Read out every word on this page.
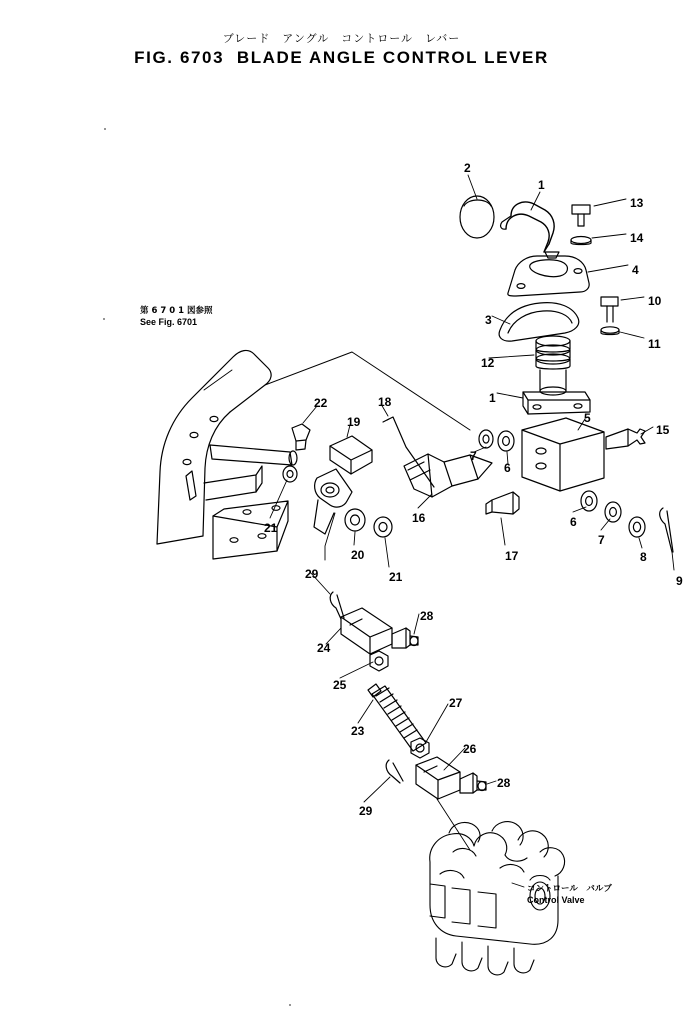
ブレード　アングル　コントロール　レバー
FIG. 6703  BLADE ANGLE CONTROL LEVER
第 6 7 0 1 図参照
See Fig. 6701
コントロール　バルブ
Control Valve
2
1
13
14
4
10
3
11
12
1
5
15
22
19
18
7
6
16	6
7
8
9
21
20
21
17
29
28
24
25
23
27
26
28
29
